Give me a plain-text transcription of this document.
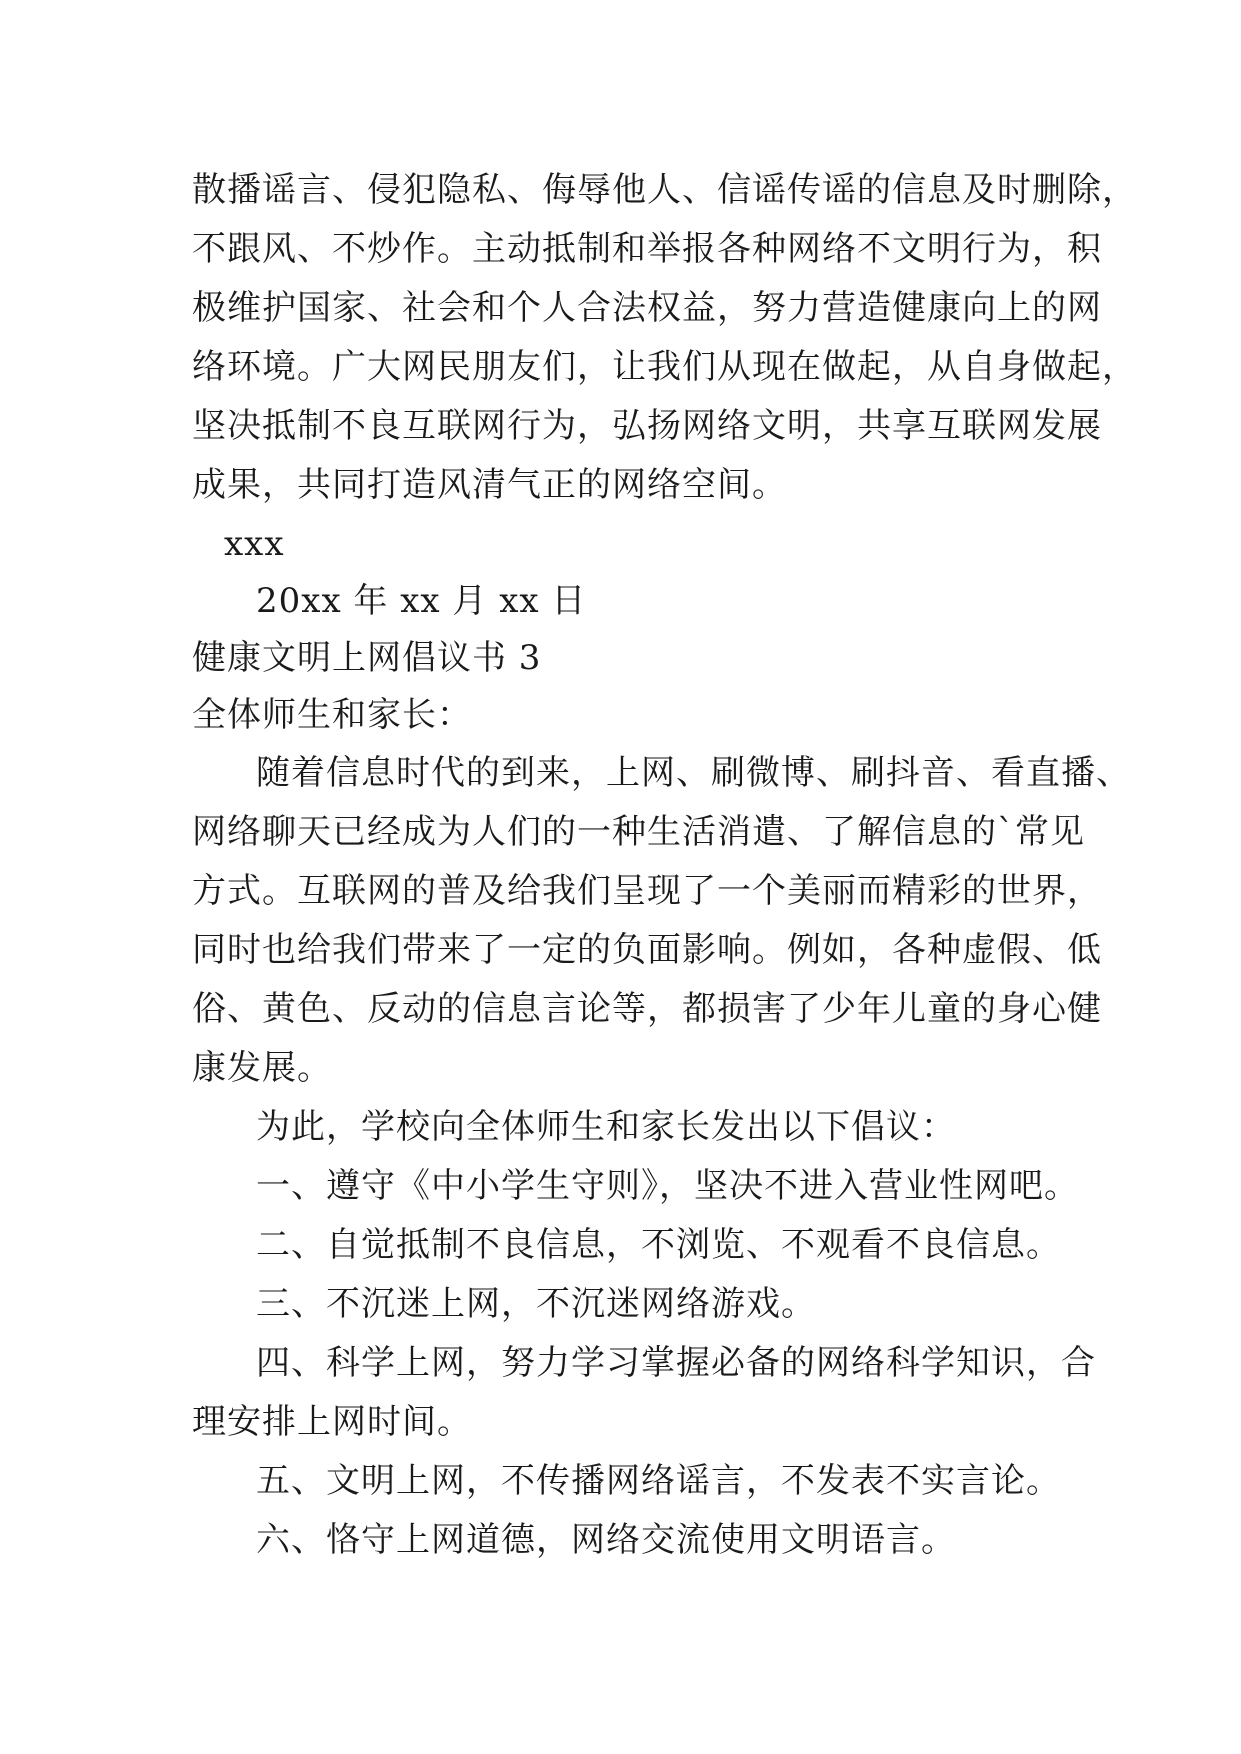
散播谣言、侵犯隐私、侮辱他人、信谣传谣的信息及时删除，
不跟风、不炒作。主动抵制和举报各种网络不文明行为，积
极维护国家、社会和个人合法权益，努力营造健康向上的网
络环境。广大网民朋友们，让我们从现在做起，从自身做起，
坚决抵制不良互联网行为，弘扬网络文明，共享互联网发展
成果，共同打造风清气正的网络空间。
xxx
20xx 年 xx 月 xx 日
健康文明上网倡议书 3
全体师生和家长：
随着信息时代的到来，上网、刷微博、刷抖音、看直播、
网络聊天已经成为人们的一种生活消遣、了解信息的`常见
方式。互联网的普及给我们呈现了一个美丽而精彩的世界，
同时也给我们带来了一定的负面影响。例如，各种虚假、低
俗、黄色、反动的信息言论等，都损害了少年儿童的身心健
康发展。
为此，学校向全体师生和家长发出以下倡议：
一、遵守《中小学生守则》，坚决不进入营业性网吧。
二、自觉抵制不良信息，不浏览、不观看不良信息。
三、不沉迷上网，不沉迷网络游戏。
四、科学上网，努力学习掌握必备的网络科学知识，合
理安排上网时间。
五、文明上网，不传播网络谣言，不发表不实言论。
六、恪守上网道德，网络交流使用文明语言。
